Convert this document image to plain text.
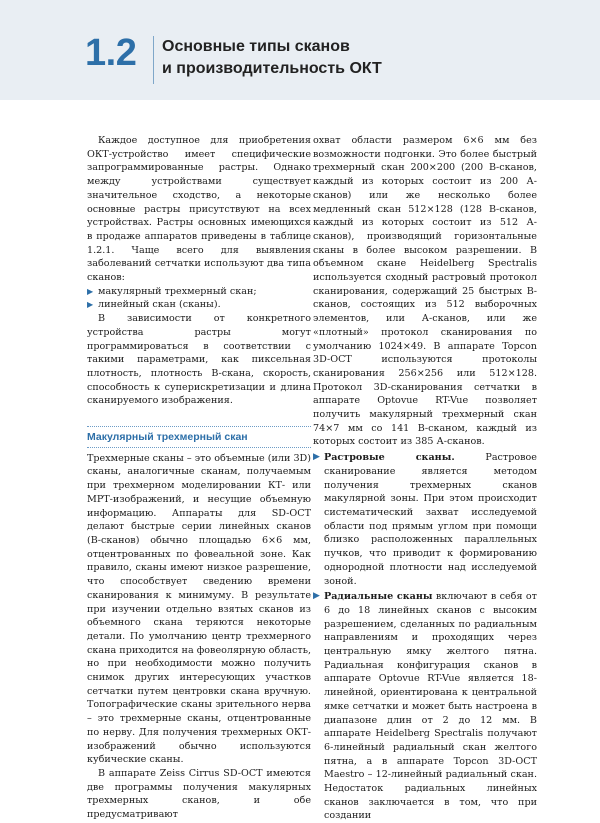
1.2	Основные типы сканов
и производительность ОКТ

Каждое доступное для приобретения ОКТ-устройство имеет специфические запрограммированные растры. Однако между устройствами существует значительное сходство, а некоторые основные растры присутствуют на всех устройствах. Растры основных имеющихся в продаже аппаратов приведены в таблице 1.2.1. Чаще всего для выявления заболеваний сетчатки используют два типа сканов:

▶ макулярный трехмерный скан;
▶ линейный скан (сканы).

В зависимости от конкретного устройства растры могут программироваться в соответствии с такими параметрами, как пиксельная плотность, плотность В-скана, скорость, способность к суперискретизации и длина сканируемого изображения.

Макулярный трехмерный скан

Трехмерные сканы – это объемные (или 3D) сканы, аналогичные сканам, получаемым при трехмерном моделировании КТ- или МРТ-изображений, и несущие объемную информацию. Аппараты для SD-OCT делают быстрые серии линейных сканов (В-сканов) обычно площадью 6×6 мм, отцентрованных по фовеальной зоне. Как правило, сканы имеют низкое разрешение, что способствует сведению времени сканирования к минимуму. В результате при изучении отдельно взятых сканов из объемного скана теряются некоторые детали. По умолчанию центр трехмерного скана приходится на фовеолярную область, но при необходимости можно получить снимок других интересующих участков сетчатки путем центровки скана вручную. Топографические сканы зрительного нерва – это трехмерные сканы, отцентрованные по нерву. Для получения трехмерных ОКТ-изображений обычно используются кубические сканы.

В аппарате Zeiss Cirrus SD-OCT имеются две программы получения макулярных трехмерных сканов, и обе предусматривают

охват области размером 6×6 мм без возможности подгонки. Это более быстрый трехмерный скан 200×200 (200 В-сканов, каждый из которых состоит из 200 А-сканов) или же несколько более медленный скан 512×128 (128 В-сканов, каждый из которых состоит из 512 А-сканов), производящий горизонтальные сканы в более высоком разрешении. В объемном скане Heidelberg Spectralis используется сходный растровый протокол сканирования, содержащий 25 быстрых В-сканов, состоящих из 512 выборочных элементов, или А-сканов, или же «плотный» протокол сканирования по умолчанию 1024×49. В аппарате Topcon 3D-OCT используются протоколы сканирования 256×256 или 512×128. Протокол 3D-сканирования сетчатки в аппарате Optovue RT-Vue позволяет получить макулярный трехмерный скан 74×7 мм со 141 В-сканом, каждый из которых состоит из 385 А-сканов.

▶ Растровые сканы. Растровое сканирование является методом получения трехмерных сканов макулярной зоны. При этом происходит систематический захват исследуемой области под прямым углом при помощи близко расположенных параллельных пучков, что приводит к формированию однородной плотности над исследуемой зоной.

▶ Радиальные сканы включают в себя от 6 до 18 линейных сканов с высоким разрешением, сделанных по радиальным направлениям и проходящих через центральную ямку желтого пятна. Радиальная конфигурация сканов в аппарате Optovue RT-Vue является 18-линейной, ориентирована к центральной ямке сетчатки и может быть настроена в диапазоне длин от 2 до 12 мм. В аппарате Heidelberg Spectralis получают 6-линейный радиальный скан желтого пятна, а в аппарате Topcon 3D-OCT Maestro – 12-линейный радиальный скан. Недостаток радиальных линейных сканов заключается в том, что при создании
